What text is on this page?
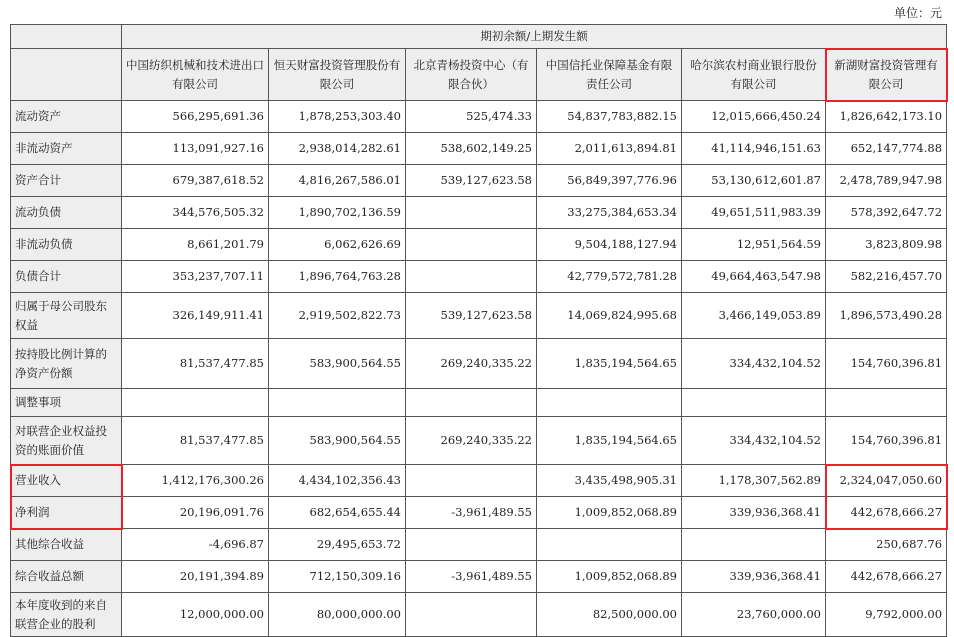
单位：元
	期初余额/上期发生额					
	中国纺织机械和技术进出口有限公司	恒天财富投资管理股份有限公司	北京青杨投资中心（有限合伙）	中国信托业保障基金有限责任公司	哈尔滨农村商业银行股份有限公司	新湖财富投资管理有限公司
流动资产	566,295,691.36	1,878,253,303.40	525,474.33	54,837,783,882.15	12,015,666,450.24	1,826,642,173.10
非流动资产	113,091,927.16	2,938,014,282.61	538,602,149.25	2,011,613,894.81	41,114,946,151.63	652,147,774.88
资产合计	679,387,618.52	4,816,267,586.01	539,127,623.58	56,849,397,776.96	53,130,612,601.87	2,478,789,947.98
流动负债	344,576,505.32	1,890,702,136.59		33,275,384,653.34	49,651,511,983.39	578,392,647.72
非流动负债	8,661,201.79	6,062,626.69		9,504,188,127.94	12,951,564.59	3,823,809.98
负债合计	353,237,707.11	1,896,764,763.28		42,779,572,781.28	49,664,463,547.98	582,216,457.70
归属于母公司股东权益	326,149,911.41	2,919,502,822.73	539,127,623.58	14,069,824,995.68	3,466,149,053.89	1,896,573,490.28
按持股比例计算的净资产份额	81,537,477.85	583,900,564.55	269,240,335.22	1,835,194,564.65	334,432,104.52	154,760,396.81
调整事项						
对联营企业权益投资的账面价值	81,537,477.85	583,900,564.55	269,240,335.22	1,835,194,564.65	334,432,104.52	154,760,396.81
营业收入	1,412,176,300.26	4,434,102,356.43		3,435,498,905.31	1,178,307,562.89	2,324,047,050.60
净利润	20,196,091.76	682,654,655.44	-3,961,489.55	1,009,852,068.89	339,936,368.41	442,678,666.27
其他综合收益	-4,696.87	29,495,653.72				250,687.76
综合收益总额	20,191,394.89	712,150,309.16	-3,961,489.55	1,009,852,068.89	339,936,368.41	442,678,666.27
本年度收到的来自联营企业的股利	12,000,000.00	80,000,000.00		82,500,000.00	23,760,000.00	9,792,000.00
